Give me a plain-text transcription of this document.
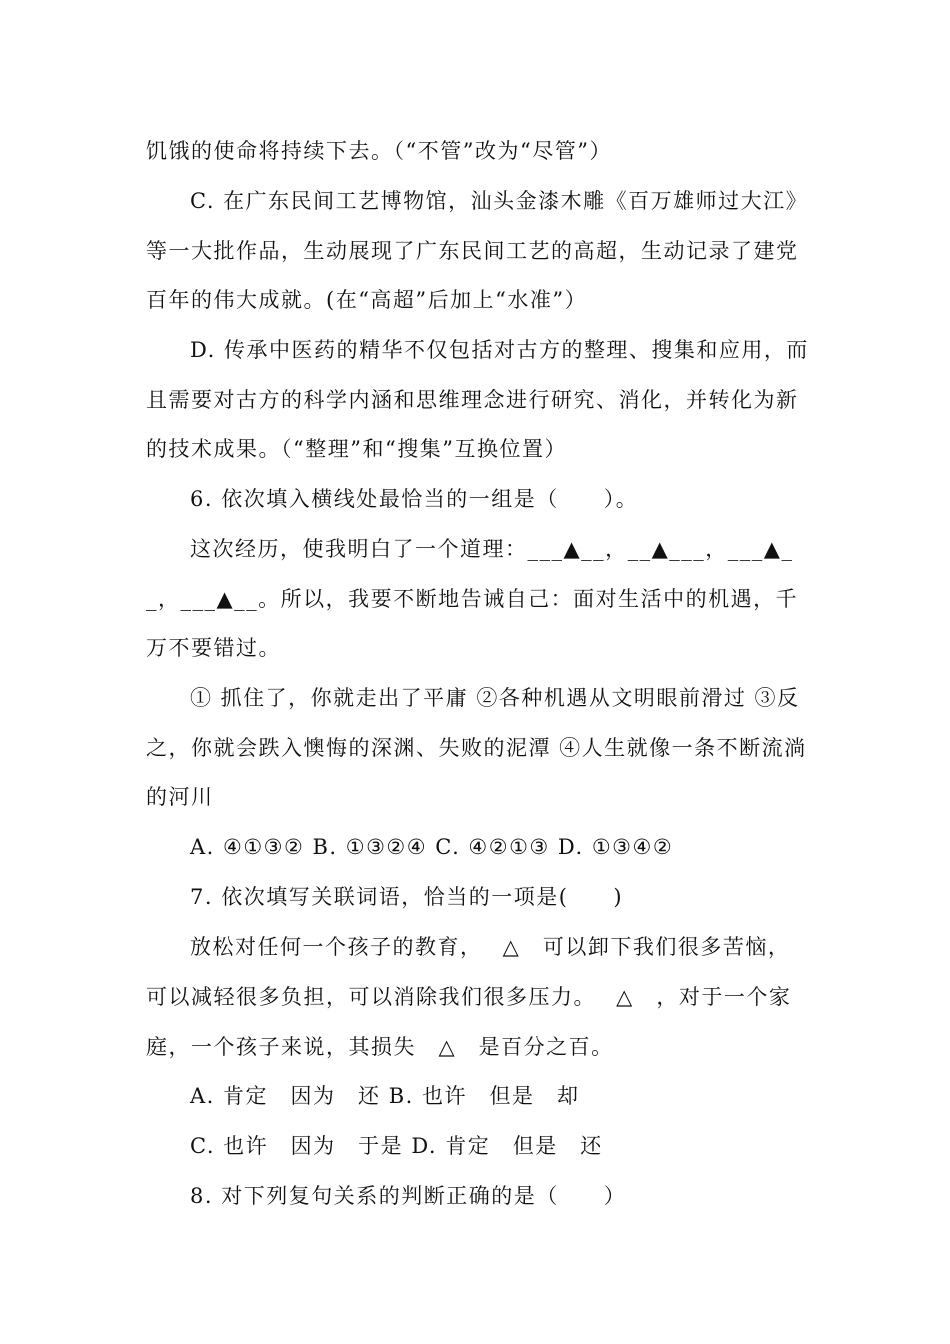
饥饿的使命将持续下去。（“不管”改为“尽管”）
C. 在广东民间工艺博物馆，汕头金漆木雕《百万雄师过大江》
等一大批作品，生动展现了广东民间工艺的高超，生动记录了建党
百年的伟大成就。(在“高超”后加上“水准”）
D. 传承中医药的精华不仅包括对古方的整理、搜集和应用，而
且需要对古方的科学内涵和思维理念进行研究、消化，并转化为新
的技术成果。（“整理”和“搜集”互换位置）
6. 依次填入横线处最恰当的一组是（　　）。
这次经历，使我明白了一个道理：___▲__，__▲___，___▲_
_，___▲__。所以，我要不断地告诫自己：面对生活中的机遇，千
万不要错过。
① 抓住了，你就走出了平庸 ②各种机遇从文明眼前滑过 ③反
之，你就会跌入懊悔的深渊、失败的泥潭 ④人生就像一条不断流淌
的河川
A. ④①③② B. ①③②④ C. ④②①③ D. ①③④②
7. 依次填写关联词语，恰当的一项是(　　)
放松对任何一个孩子的教育，　 △　可以卸下我们很多苦恼，
可以减轻很多负担，可以消除我们很多压力。　 △　，对于一个家
庭，一个孩子来说，其损失　△　是百分之百。
A. 肯定　因为　还 B. 也许　但是　却
C. 也许　因为　于是 D. 肯定　但是　还
8. 对下列复句关系的判断正确的是（　　）
